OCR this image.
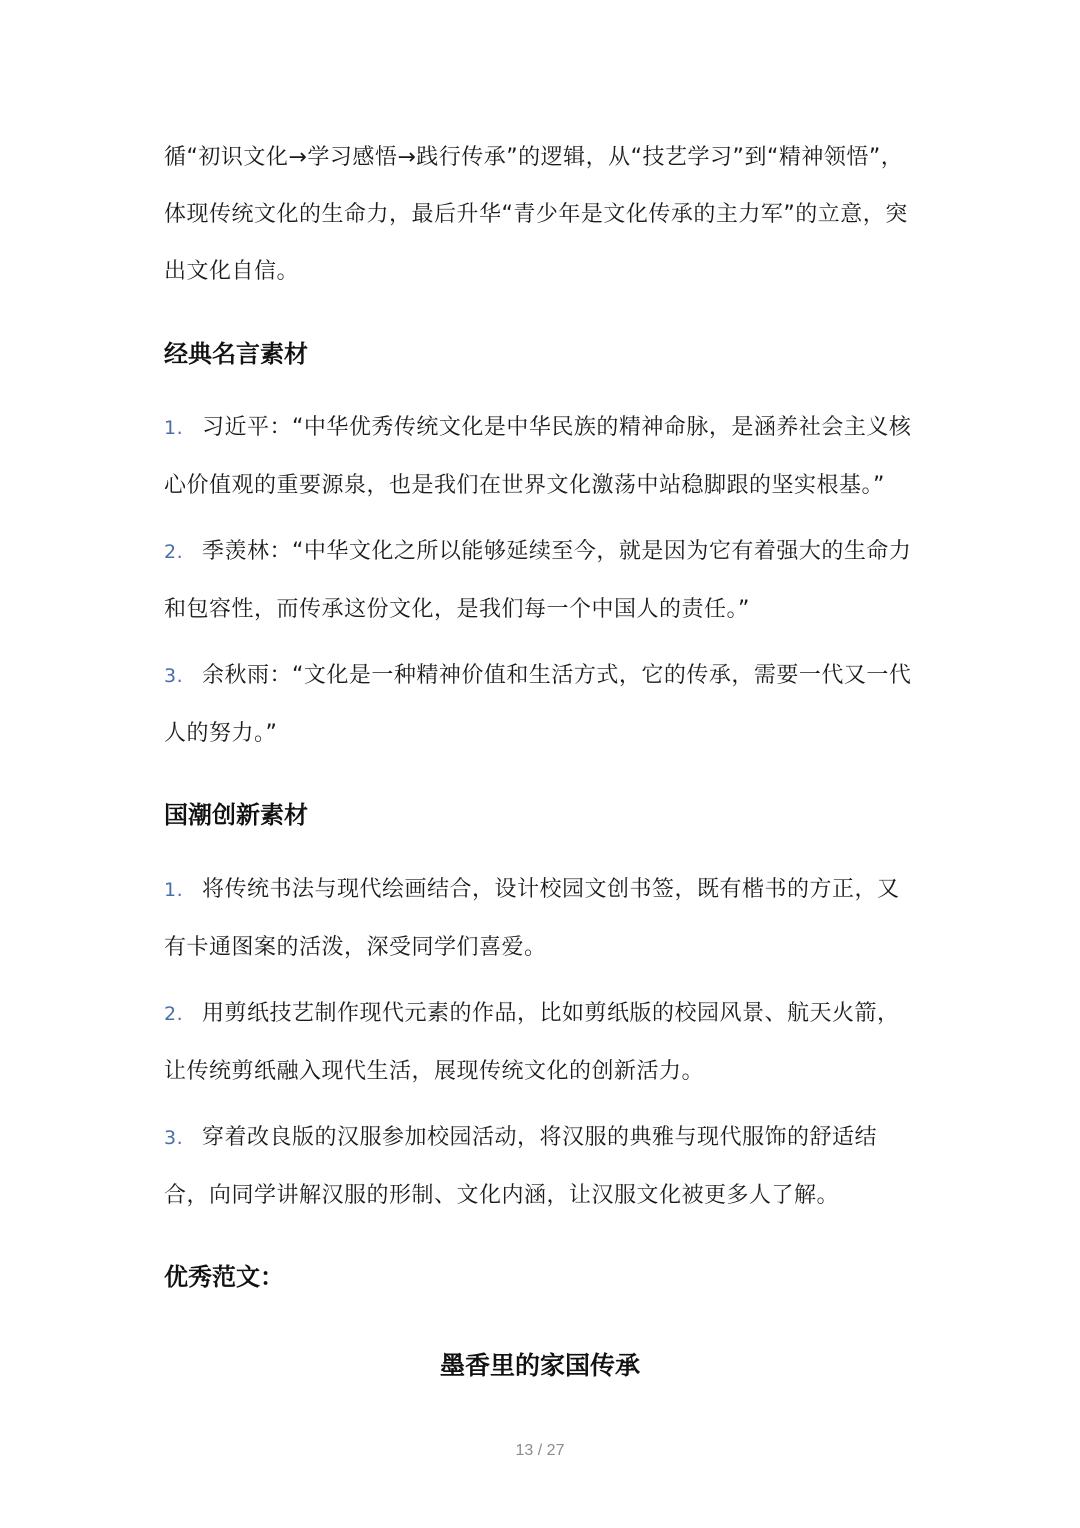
循“初识文化→学习感悟→践行传承”的逻辑，从“技艺学习”到“精神领悟”，体现传统文化的生命力，最后升华“青少年是文化传承的主力军”的立意，突出文化自信。

经典名言素材

1. 习近平：“中华优秀传统文化是中华民族的精神命脉，是涵养社会主义核心价值观的重要源泉，也是我们在世界文化激荡中站稳脚跟的坚实根基。”

2. 季羡林：“中华文化之所以能够延续至今，就是因为它有着强大的生命力和包容性，而传承这份文化，是我们每一个中国人的责任。”

3. 余秋雨：“文化是一种精神价值和生活方式，它的传承，需要一代又一代人的努力。”

国潮创新素材

1. 将传统书法与现代绘画结合，设计校园文创书签，既有楷书的方正，又有卡通图案的活泼，深受同学们喜爱。

2. 用剪纸技艺制作现代元素的作品，比如剪纸版的校园风景、航天火箭，让传统剪纸融入现代生活，展现传统文化的创新活力。

3. 穿着改良版的汉服参加校园活动，将汉服的典雅与现代服饰的舒适结合，向同学讲解汉服的形制、文化内涵，让汉服文化被更多人了解。

优秀范文：
墨香里的家国传承
13 / 27
